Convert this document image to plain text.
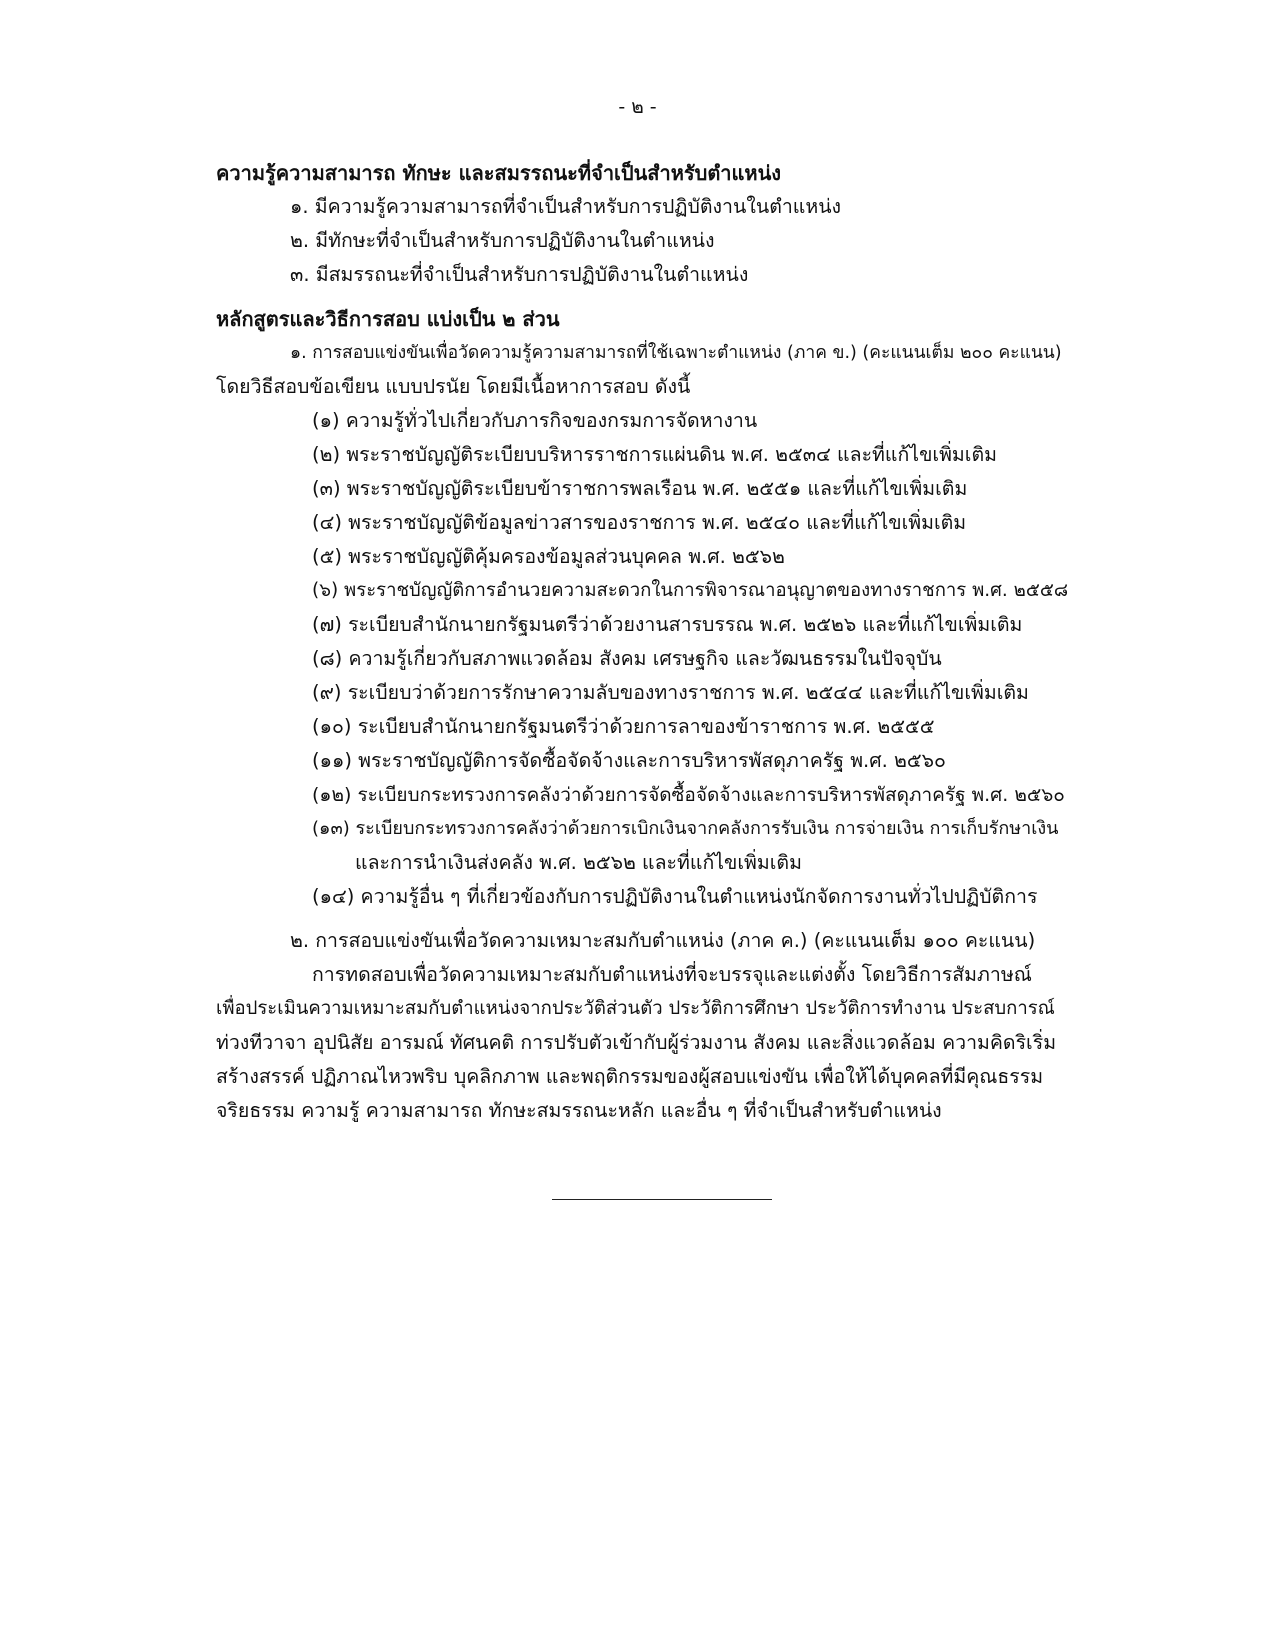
- ๒ -
ความรู้ความสามารถ ทักษะ และสมรรถนะที่จำเป็นสำหรับตำแหน่ง
๑. มีความรู้ความสามารถที่จำเป็นสำหรับการปฏิบัติงานในตำแหน่ง
๒. มีทักษะที่จำเป็นสำหรับการปฏิบัติงานในตำแหน่ง
๓. มีสมรรถนะที่จำเป็นสำหรับการปฏิบัติงานในตำแหน่ง
หลักสูตรและวิธีการสอบ แบ่งเป็น ๒ ส่วน
๑. การสอบแข่งขันเพื่อวัดความรู้ความสามารถที่ใช้เฉพาะตำแหน่ง (ภาค ข.) (คะแนนเต็ม ๒๐๐ คะแนน)
โดยวิธีสอบข้อเขียน แบบปรนัย โดยมีเนื้อหาการสอบ ดังนี้
(๑) ความรู้ทั่วไปเกี่ยวกับภารกิจของกรมการจัดหางาน
(๒) พระราชบัญญัติระเบียบบริหารราชการแผ่นดิน พ.ศ. ๒๕๓๔ และที่แก้ไขเพิ่มเติม
(๓) พระราชบัญญัติระเบียบข้าราชการพลเรือน พ.ศ. ๒๕๕๑ และที่แก้ไขเพิ่มเติม
(๔) พระราชบัญญัติข้อมูลข่าวสารของราชการ พ.ศ. ๒๕๔๐ และที่แก้ไขเพิ่มเติม
(๕) พระราชบัญญัติคุ้มครองข้อมูลส่วนบุคคล พ.ศ. ๒๕๖๒
(๖) พระราชบัญญัติการอำนวยความสะดวกในการพิจารณาอนุญาตของทางราชการ พ.ศ. ๒๕๕๘
(๗) ระเบียบสำนักนายกรัฐมนตรีว่าด้วยงานสารบรรณ พ.ศ. ๒๕๒๖ และที่แก้ไขเพิ่มเติม
(๘) ความรู้เกี่ยวกับสภาพแวดล้อม สังคม เศรษฐกิจ และวัฒนธรรมในปัจจุบัน
(๙) ระเบียบว่าด้วยการรักษาความลับของทางราชการ พ.ศ. ๒๕๔๔ และที่แก้ไขเพิ่มเติม
(๑๐) ระเบียบสำนักนายกรัฐมนตรีว่าด้วยการลาของข้าราชการ พ.ศ. ๒๕๕๕
(๑๑) พระราชบัญญัติการจัดซื้อจัดจ้างและการบริหารพัสดุภาครัฐ พ.ศ. ๒๕๖๐
(๑๒) ระเบียบกระทรวงการคลังว่าด้วยการจัดซื้อจัดจ้างและการบริหารพัสดุภาครัฐ พ.ศ. ๒๕๖๐
(๑๓) ระเบียบกระทรวงการคลังว่าด้วยการเบิกเงินจากคลังการรับเงิน การจ่ายเงิน การเก็บรักษาเงิน
และการนำเงินส่งคลัง พ.ศ. ๒๕๖๒ และที่แก้ไขเพิ่มเติม
(๑๔) ความรู้อื่น ๆ ที่เกี่ยวข้องกับการปฏิบัติงานในตำแหน่งนักจัดการงานทั่วไปปฏิบัติการ
๒. การสอบแข่งขันเพื่อวัดความเหมาะสมกับตำแหน่ง (ภาค ค.) (คะแนนเต็ม ๑๐๐ คะแนน)
การทดสอบเพื่อวัดความเหมาะสมกับตำแหน่งที่จะบรรจุและแต่งตั้ง โดยวิธีการสัมภาษณ์
เพื่อประเมินความเหมาะสมกับตำแหน่งจากประวัติส่วนตัว ประวัติการศึกษา ประวัติการทำงาน ประสบการณ์
ท่วงทีวาจา อุปนิสัย อารมณ์ ทัศนคติ การปรับตัวเข้ากับผู้ร่วมงาน สังคม และสิ่งแวดล้อม ความคิดริเริ่ม
สร้างสรรค์ ปฏิภาณไหวพริบ บุคลิกภาพ และพฤติกรรมของผู้สอบแข่งขัน เพื่อให้ได้บุคคลที่มีคุณธรรม
จริยธรรม ความรู้ ความสามารถ ทักษะสมรรถนะหลัก และอื่น ๆ ที่จำเป็นสำหรับตำแหน่ง
